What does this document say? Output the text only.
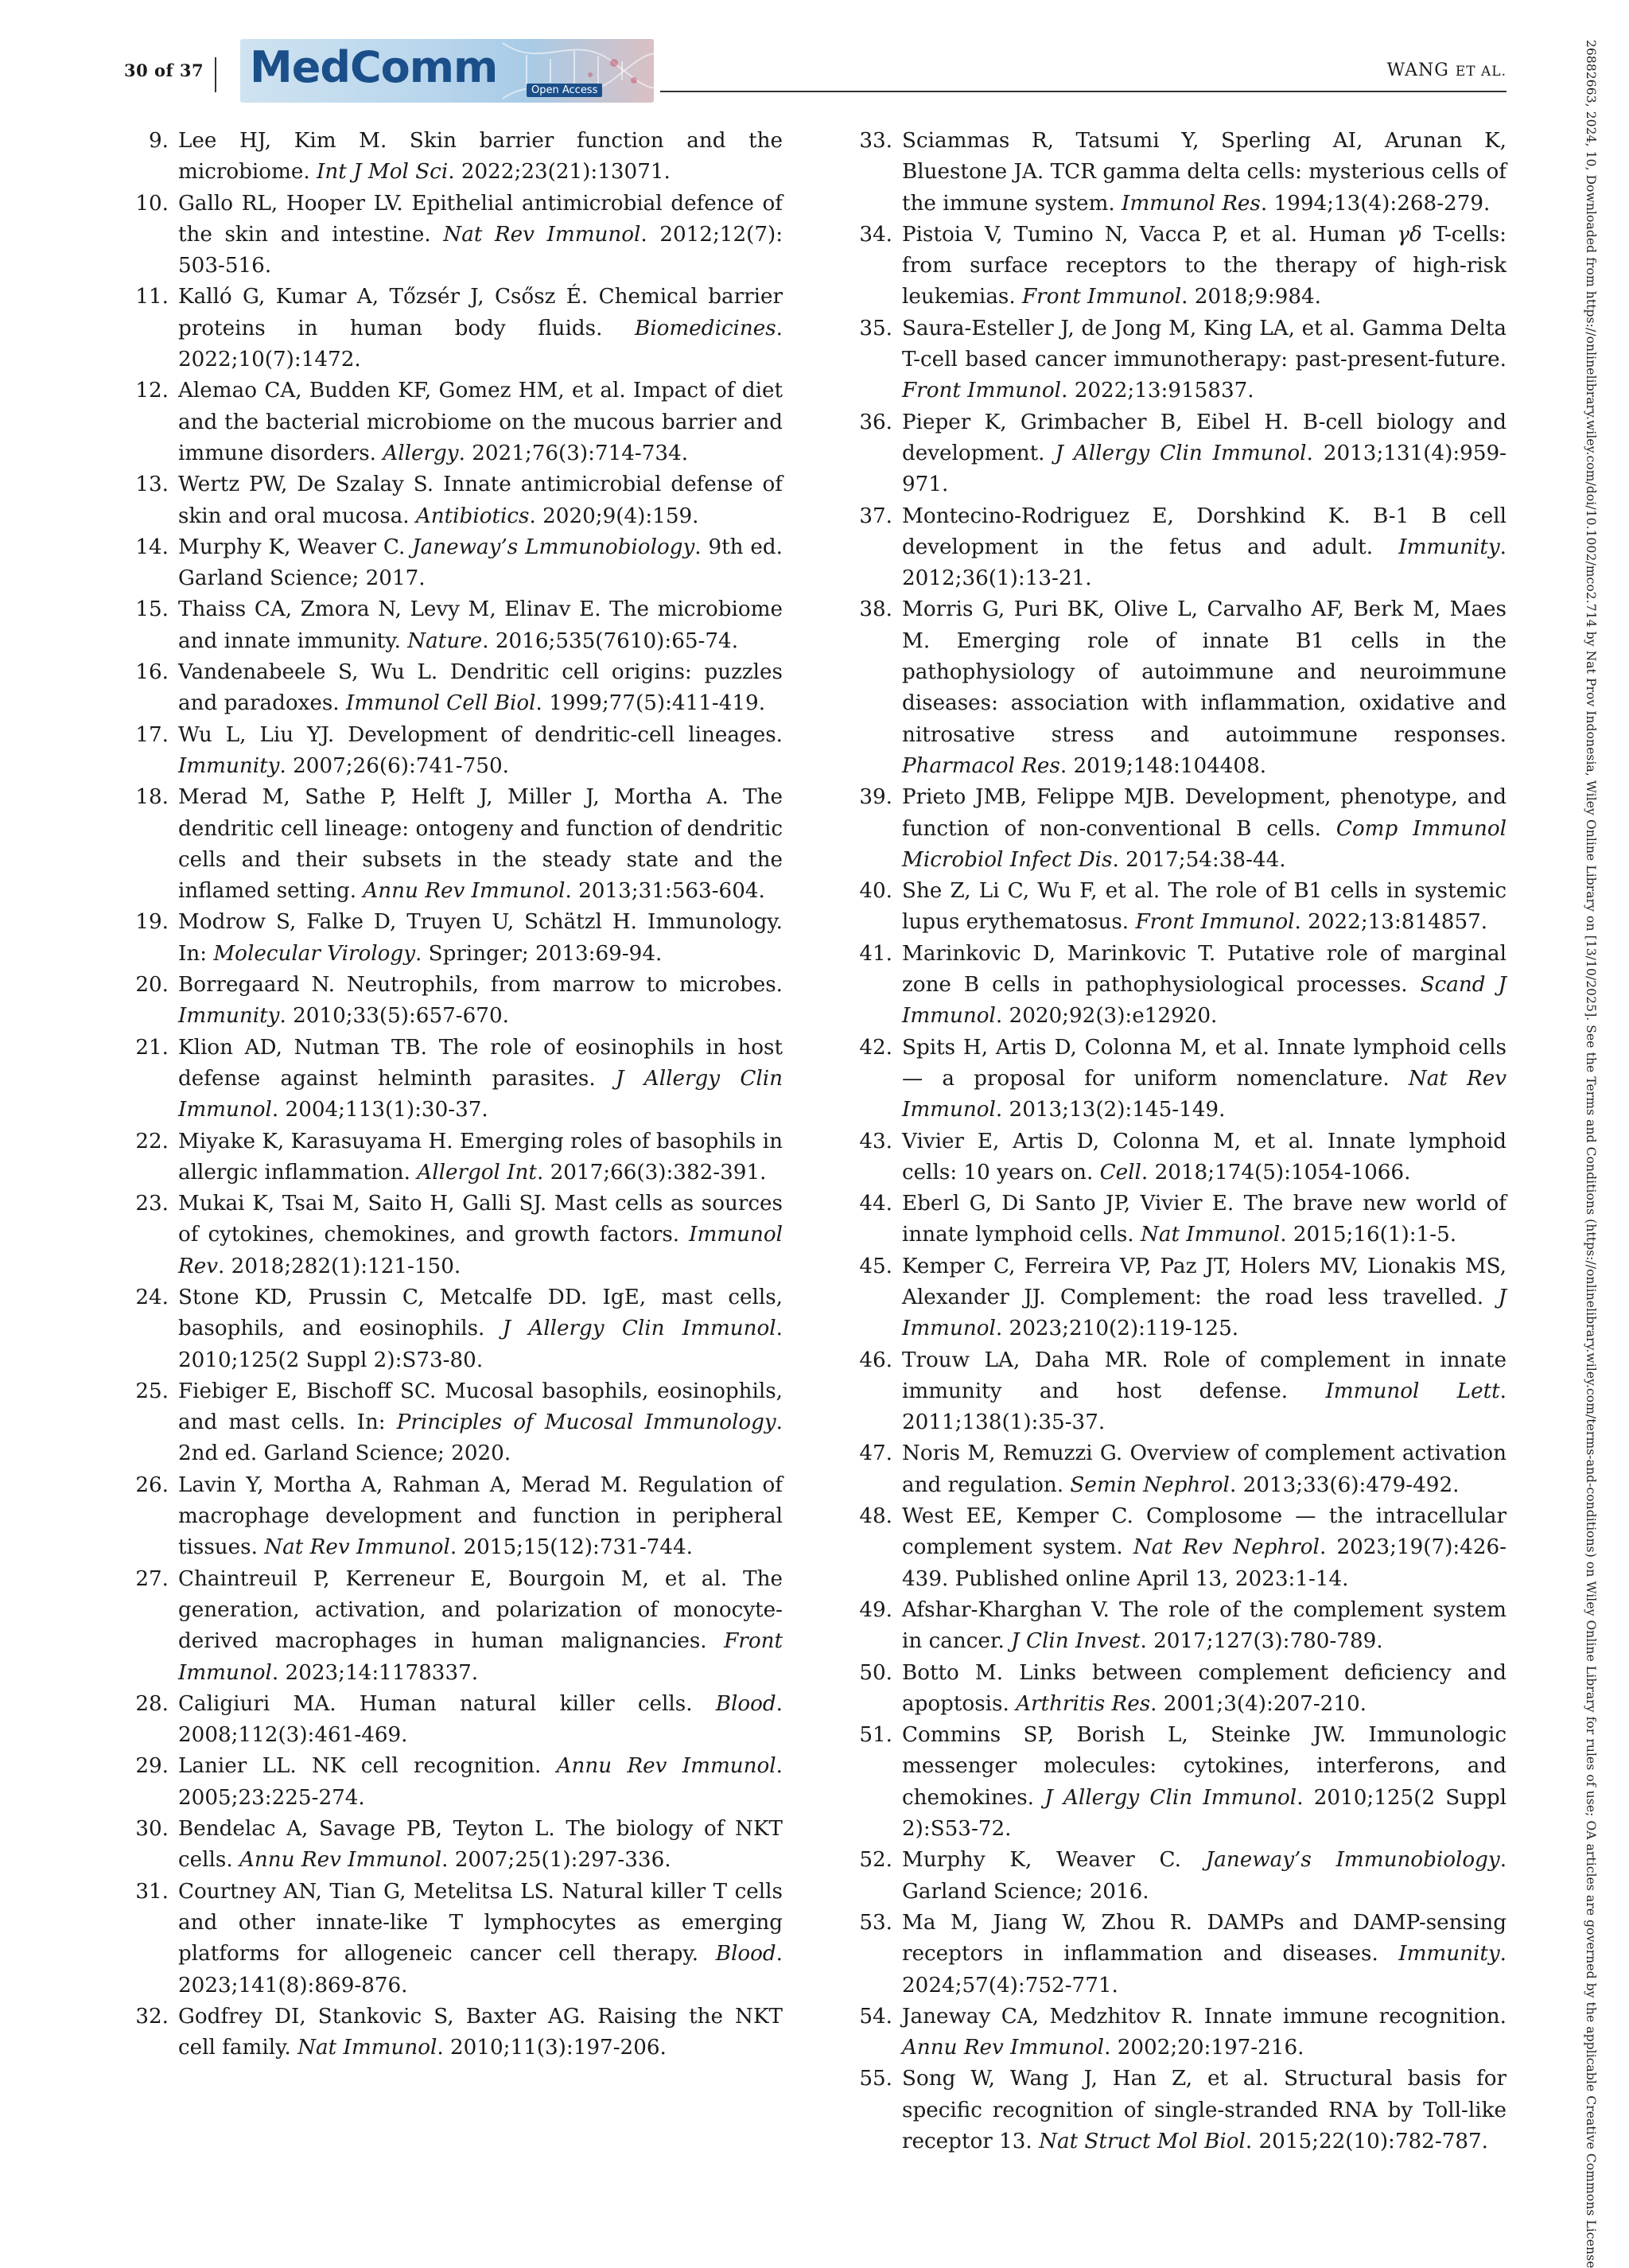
30 of 37 MedComm	Open Access
WANG ET AL.
9. Lee HJ, Kim M. Skin barrier function and the microbiome. Int J Mol Sci. 2022;23(21):13071.
10. Gallo RL, Hooper LV. Epithelial antimicrobial defence of the skin and intestine. Nat Rev Immunol. 2012;12(7): 503-516.
11. Kalló G, Kumar A, Tőzsér J, Csősz É. Chemical barrier proteins in human body fluids. Biomedicines. 2022;10(7):1472.
12. Alemao CA, Budden KF, Gomez HM, et al. Impact of diet and the bacterial microbiome on the mucous barrier and immune disorders. Allergy. 2021;76(3):714-734.
13. Wertz PW, De Szalay S. Innate antimicrobial defense of skin and oral mucosa. Antibiotics. 2020;9(4):159.
14. Murphy K, Weaver C. Janeway’s Lmmunobiology. 9th ed. Garland Science; 2017.
15. Thaiss CA, Zmora N, Levy M, Elinav E. The microbiome and innate immunity. Nature. 2016;535(7610):65-74.
16. Vandenabeele S, Wu L. Dendritic cell origins: puzzles and paradoxes. Immunol Cell Biol. 1999;77(5):411-419.
17. Wu L, Liu YJ. Development of dendritic-cell lineages. Immunity. 2007;26(6):741-750.
18. Merad M, Sathe P, Helft J, Miller J, Mortha A. The dendritic cell lineage: ontogeny and function of dendritic cells and their subsets in the steady state and the inflamed setting. Annu Rev Immunol. 2013;31:563-604.
19. Modrow S, Falke D, Truyen U, Schätzl H. Immunology. In: Molecular Virology. Springer; 2013:69-94.
20. Borregaard N. Neutrophils, from marrow to microbes. Immunity. 2010;33(5):657-670.
21. Klion AD, Nutman TB. The role of eosinophils in host defense against helminth parasites. J Allergy Clin Immunol. 2004;113(1):30-37.
22. Miyake K, Karasuyama H. Emerging roles of basophils in allergic inflammation. Allergol Int. 2017;66(3):382-391.
23. Mukai K, Tsai M, Saito H, Galli SJ. Mast cells as sources of cytokines, chemokines, and growth factors. Immunol Rev. 2018;282(1):121-150.
24. Stone KD, Prussin C, Metcalfe DD. IgE, mast cells, basophils, and eosinophils. J Allergy Clin Immunol. 2010;125(2 Suppl 2):S73-80.
25. Fiebiger E, Bischoff SC. Mucosal basophils, eosinophils, and mast cells. In: Principles of Mucosal Immunology. 2nd ed. Garland Science; 2020.
26. Lavin Y, Mortha A, Rahman A, Merad M. Regulation of macrophage development and function in peripheral tissues. Nat Rev Immunol. 2015;15(12):731-744.
27. Chaintreuil P, Kerreneur E, Bourgoin M, et al. The generation, activation, and polarization of monocyte-derived macrophages in human malignancies. Front Immunol. 2023;14:1178337.
28. Caligiuri MA. Human natural killer cells. Blood. 2008;112(3):461-469.
29. Lanier LL. NK cell recognition. Annu Rev Immunol. 2005;23:225-274.
30. Bendelac A, Savage PB, Teyton L. The biology of NKT cells. Annu Rev Immunol. 2007;25(1):297-336.
31. Courtney AN, Tian G, Metelitsa LS. Natural killer T cells and other innate-like T lymphocytes as emerging platforms for allogeneic cancer cell therapy. Blood. 2023;141(8):869-876.
32. Godfrey DI, Stankovic S, Baxter AG. Raising the NKT cell family. Nat Immunol. 2010;11(3):197-206.
33. Sciammas R, Tatsumi Y, Sperling AI, Arunan K, Bluestone JA. TCR gamma delta cells: mysterious cells of the immune system. Immunol Res. 1994;13(4):268-279.
34. Pistoia V, Tumino N, Vacca P, et al. Human γδ T-cells: from surface receptors to the therapy of high-risk leukemias. Front Immunol. 2018;9:984.
35. Saura-Esteller J, de Jong M, King LA, et al. Gamma Delta T-cell based cancer immunotherapy: past-present-future. Front Immunol. 2022;13:915837.
36. Pieper K, Grimbacher B, Eibel H. B-cell biology and development. J Allergy Clin Immunol. 2013;131(4):959-971.
37. Montecino-Rodriguez E, Dorshkind K. B-1 B cell development in the fetus and adult. Immunity. 2012;36(1):13-21.
38. Morris G, Puri BK, Olive L, Carvalho AF, Berk M, Maes M. Emerging role of innate B1 cells in the pathophysiology of autoimmune and neuroimmune diseases: association with inflammation, oxidative and nitrosative stress and autoimmune responses. Pharmacol Res. 2019;148:104408.
39. Prieto JMB, Felippe MJB. Development, phenotype, and function of non-conventional B cells. Comp Immunol Microbiol Infect Dis. 2017;54:38-44.
40. She Z, Li C, Wu F, et al. The role of B1 cells in systemic lupus erythematosus. Front Immunol. 2022;13:814857.
41. Marinkovic D, Marinkovic T. Putative role of marginal zone B cells in pathophysiological processes. Scand J Immunol. 2020;92(3):e12920.
42. Spits H, Artis D, Colonna M, et al. Innate lymphoid cells — a proposal for uniform nomenclature. Nat Rev Immunol. 2013;13(2):145-149.
43. Vivier E, Artis D, Colonna M, et al. Innate lymphoid cells: 10 years on. Cell. 2018;174(5):1054-1066.
44. Eberl G, Di Santo JP, Vivier E. The brave new world of innate lymphoid cells. Nat Immunol. 2015;16(1):1-5.
45. Kemper C, Ferreira VP, Paz JT, Holers MV, Lionakis MS, Alexander JJ. Complement: the road less travelled. J Immunol. 2023;210(2):119-125.
46. Trouw LA, Daha MR. Role of complement in innate immunity and host defense. Immunol Lett. 2011;138(1):35-37.
47. Noris M, Remuzzi G. Overview of complement activation and regulation. Semin Nephrol. 2013;33(6):479-492.
48. West EE, Kemper C. Complosome — the intracellular complement system. Nat Rev Nephrol. 2023;19(7):426-439. Published online April 13, 2023:1-14.
49. Afshar-Kharghan V. The role of the complement system in cancer. J Clin Invest. 2017;127(3):780-789.
50. Botto M. Links between complement deficiency and apoptosis. Arthritis Res. 2001;3(4):207-210.
51. Commins SP, Borish L, Steinke JW. Immunologic messenger molecules: cytokines, interferons, and chemokines. J Allergy Clin Immunol. 2010;125(2 Suppl 2):S53-72.
52. Murphy K, Weaver C. Janeway’s Immunobiology. Garland Science; 2016.
53. Ma M, Jiang W, Zhou R. DAMPs and DAMP-sensing receptors in inflammation and diseases. Immunity. 2024;57(4):752-771.
54. Janeway CA, Medzhitov R. Innate immune recognition. Annu Rev Immunol. 2002;20:197-216.
55. Song W, Wang J, Han Z, et al. Structural basis for specific recognition of single-stranded RNA by Toll-like receptor 13. Nat Struct Mol Biol. 2015;22(10):782-787.	26882663, 2024, 10, Downloaded from https://onlinelibrary.wiley.com/doi/10.1002/mco2.714 by Nat Prov Indonesia, Wiley Online Library on [13/10/2025]. See the Terms and Conditions (https://onlinelibrary.wiley.com/terms-and-conditions) on Wiley Online Library for rules of use; OA articles are governed by the applicable Creative Commons License
